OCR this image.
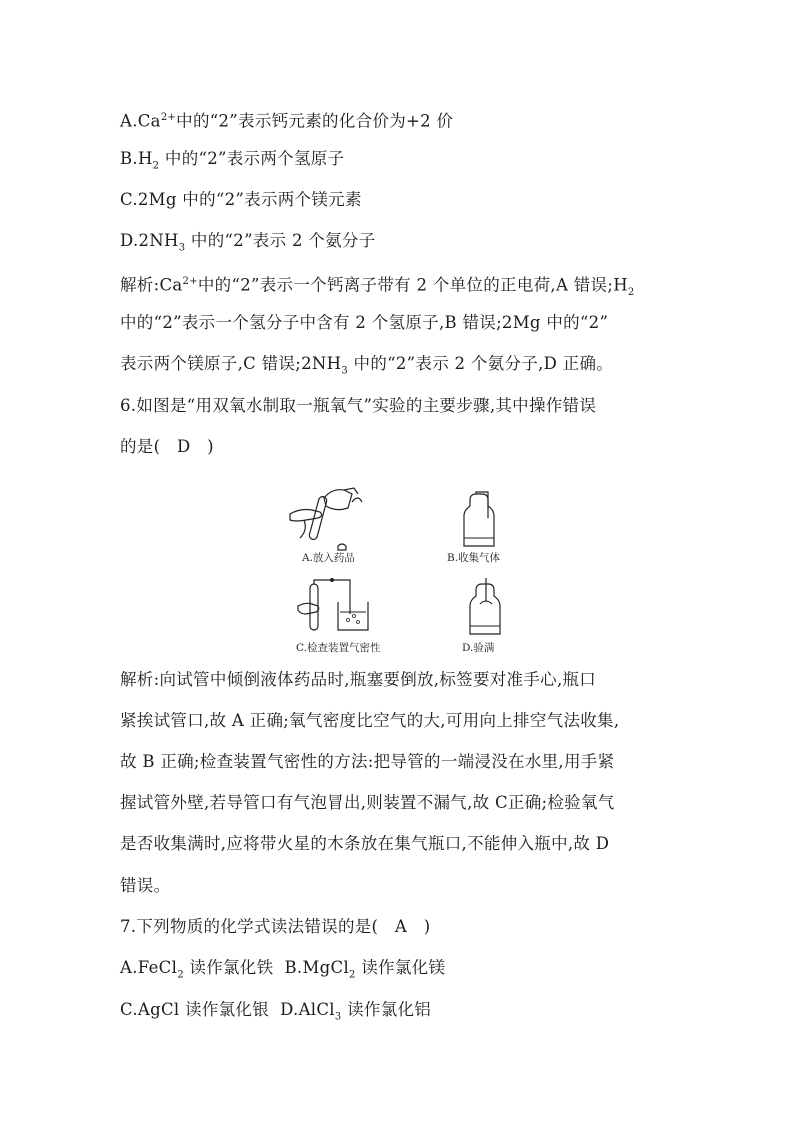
$A.Ca^{2+}$中的“2”表示钙元素的化合价为+2 价
$B.H_2$ 中的“2”表示两个氢原子
C.2Mg 中的“2”表示两个镁元素
$D.2NH_3$ 中的“2”表示 2 个氨分子
解析$:Ca^{2+}$中的“2”表示一个钙离子带有 2 个单位的正电荷,A 错误$;H_2$
中的“2”表示一个氢分子中含有 2 个氢原子,B 错误;2Mg 中的“2”
表示两个镁原子,C 错误$;2NH_3$ 中的“2”表示 2 个氨分子,D 正确。
6.如图是“用双氧水制取一瓶氧气”实验的主要步骤,其中操作错误
的是(   D   )
A.放入药品	B.收集气体
C.检查装置气密性	D.验满
解析:向试管中倾倒液体药品时,瓶塞要倒放,标签要对准手心,瓶口
紧挨试管口,故 A 正确;氧气密度比空气的大,可用向上排空气法收集,
故 B 正确;检查装置气密性的方法:把导管的一端浸没在水里,用手紧
握试管外壁,若导管口有气泡冒出,则装置不漏气,故 C正确;检验氧气
是否收集满时,应将带火星的木条放在集气瓶口,不能伸入瓶中,故 D
错误。
7.下列物质的化学式读法错误的是(   A   )
A.FeCl$_2$ 读作氯化铁  B.MgCl$_2$ 读作氯化镁
C.AgCl 读作氯化银  D.AlCl$_3$ 读作氯化铝
